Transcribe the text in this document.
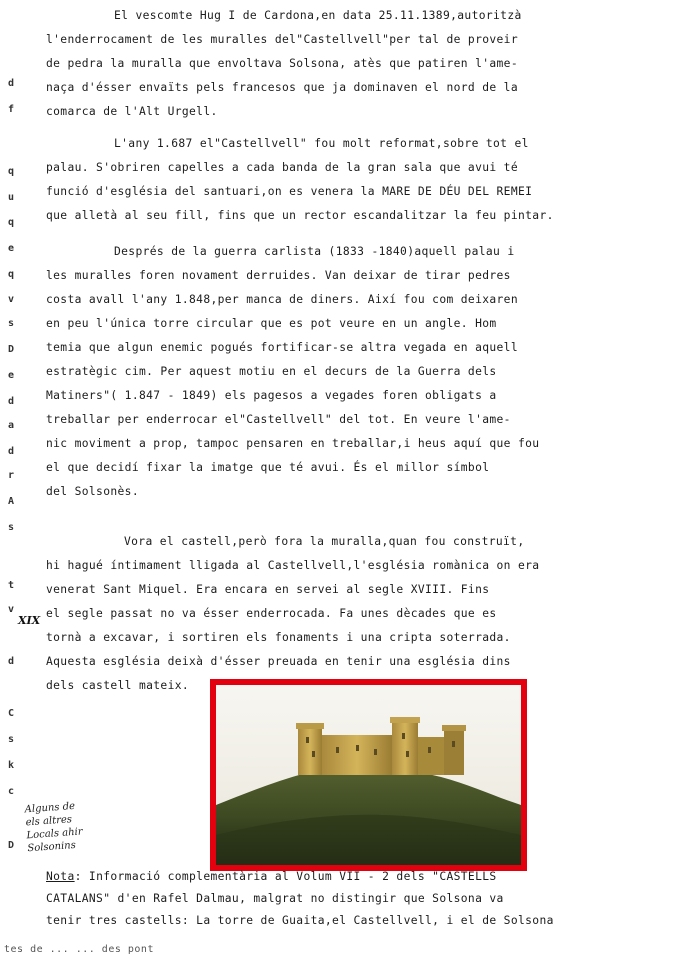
d
f
q
u
q
e
q
v
s
D
e
d
a
d
r
A
s
t
v
d
C
s
k
c
D
XIX
El vescomte Hug I de Cardona,en data 25.11.1389,autoritzà
l'enderrocament de les muralles del"Castellvell"per tal de proveir
de pedra la muralla que envoltava Solsona, atès que patiren l'ame-
naça d'ésser envaïts pels francesos que ja dominaven el nord de la
comarca de l'Alt Urgell.
L'any 1.687 el"Castellvell" fou molt reformat,sobre tot el
palau. S'obriren capelles a cada banda de la gran sala que avui té
funció d'església del santuari,on es venera la MARE DE DÉU DEL REMEI
que alletà al seu fill, fins que un rector escandalitzar la feu pintar.
Després de la guerra carlista (1833 -1840)aquell palau i
les muralles foren novament derruides. Van deixar de tirar pedres
costa avall l'any 1.848,per manca de diners. Així fou com deixaren
en peu l'única torre circular que es pot veure en un angle. Hom
temia que algun enemic pogués fortificar-se altra vegada en aquell
estratègic cim. Per aquest motiu en el decurs de la Guerra dels
Matiners"( 1.847 - 1849) els pagesos a vegades foren obligats a
treballar per enderrocar el"Castellvell" del tot. En veure l'ame-
nic moviment a prop, tampoc pensaren en treballar,i heus aquí que fou
el que decidí fixar la imatge que té avui. És el millor símbol
del Solsonès.
Vora el castell,però fora la muralla,quan fou construït,
hi hagué íntimament lligada al Castellvell,l'església romànica on era
venerat Sant Miquel. Era encara en servei al segle XVIII. Fins
el segle passat no va ésser enderrocada. Fa unes dècades que es
tornà a excavar, i sortiren els fonaments i una cripta soterrada.
Aquesta església deixà d'ésser preuada en tenir una església dins
dels castell mateix.
Alguns de
els altres
Locals ahir
Solsonins
Nota: Informació complementària al Volum VII - 2 dels "CASTELLS
CATALANS" d'en Rafel Dalmau, malgrat no distingir que Solsona va
tenir tres castells: La torre de Guaita,el Castellvell, i el de Solsona
tes de ... ... des pont
